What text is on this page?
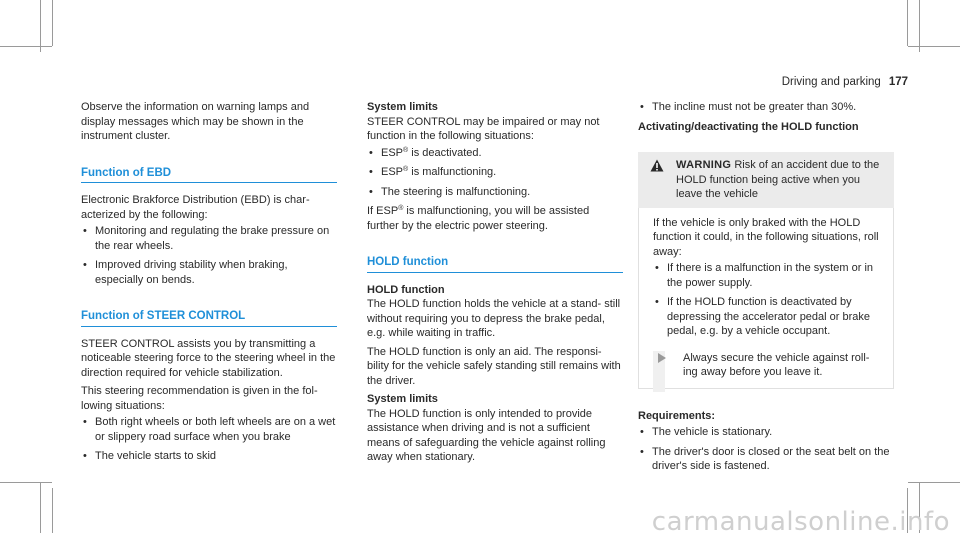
Driving and parking 177

Observe the information on warning lamps and display messages which may be shown in the instrument cluster.

Function of EBD

Electronic Brakforce Distribution (EBD) is char‐ acterized by the following:

• Monitoring and regulating the brake pressure on the rear wheels.
• Improved driving stability when braking, especially on bends.
Function of STEER CONTROL

STEER CONTROL assists you by transmitting a noticeable steering force to the steering wheel in the direction required for vehicle stabilization.

This steering recommendation is given in the fol‐ lowing situations:

• Both right wheels or both left wheels are on a wet or slippery road surface when you brake
• The vehicle starts to skid
System limits

STEER CONTROL may be impaired or may not function in the following situations:

• ESP® is deactivated.
• ESP® is malfunctioning.
• The steering is malfunctioning.

If ESP® is malfunctioning, you will be assisted further by the electric power steering.

HOLD function
HOLD function

The HOLD function holds the vehicle at a stand‐ still without requiring you to depress the brake pedal, e.g. while waiting in traffic.

The HOLD function is only an aid. The responsi‐ bility for the vehicle safely standing still remains with the driver.

System limits

The HOLD function is only intended to provide assistance when driving and is not a sufficient means of safeguarding the vehicle against rolling away when stationary.

• The incline must not be greater than 30%.
Activating/deactivating the HOLD function
WARNING Risk of an accident due to the HOLD function being active when you leave the vehicle

If the vehicle is only braked with the HOLD function it could, in the following situations, roll away:

• If there is a malfunction in the system or in the power supply.
• If the HOLD function is deactivated by depressing the accelerator pedal or brake pedal, e.g. by a vehicle occupant.

Always secure the vehicle against roll‐ ing away before you leave it.

Requirements:
• The vehicle is stationary.
• The driver's door is closed or the seat belt on the driver's side is fastened.
carmanualsonline.info
